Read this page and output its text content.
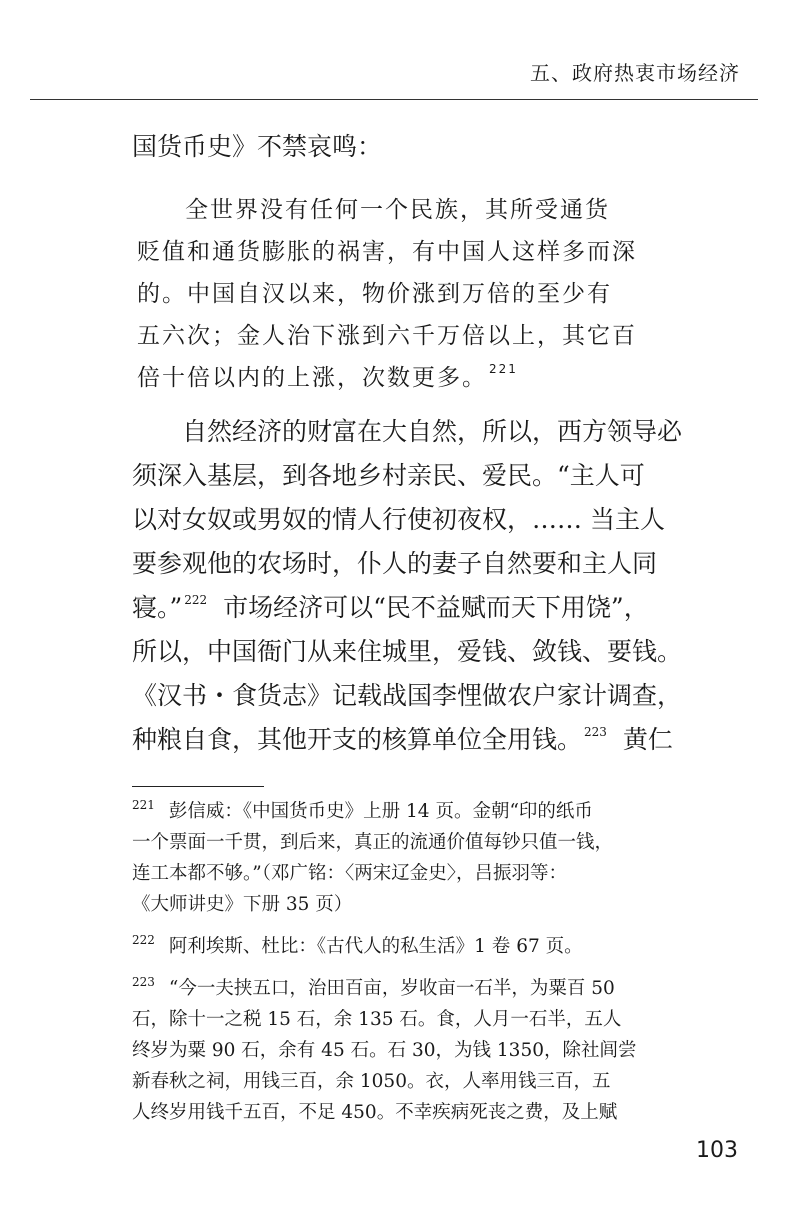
五、政府热衷市场经济
国货币史》不禁哀鸣：
全世界没有任何一个民族，其所受通货
贬值和通货膨胀的祸害，有中国人这样多而深
的。中国自汉以来，物价涨到万倍的至少有
五六次；金人治下涨到六千万倍以上，其它百
倍十倍以内的上涨，次数更多。 $^{221}$
自然经济的财富在大自然，所以，西方领导必
须深入基层，到各地乡村亲民、爱民。“主人可
以对女奴或男奴的情人行使初夜权，…… 当主人
要参观他的农场时，仆人的妻子自然要和主人同
寝。” $^{222}$ 市场经济可以“民不益赋而天下用饶”，
所以，中国衙门从来住城里，爱钱、敛钱、要钱。
《汉书・食货志》记载战国李悝做农户家计调查，
种粮自食，其他开支的核算单位全用钱。 $^{223}$ 黄仁
$^{221}$ 彭信威：《中国货币史》上册 14 页。金朝“印的纸币
一个票面一千贯，到后来，真正的流通价值每钞只值一钱，
连工本都不够。”（邓广铭：〈两宋辽金史〉，吕振羽等：
《大师讲史》下册 35 页）
$^{222}$ 阿利埃斯、杜比：《古代人的私生活》1 卷 67 页。
$^{223}$ “今一夫挟五口，治田百亩，岁收亩一石半，为粟百 50
石，除十一之税 15 石，余 135 石。食，人月一石半，五人
终岁为粟 90 石，余有 45 石。石 30，为钱 1350，除社闾尝
新春秋之祠，用钱三百，余 1050。衣，人率用钱三百，五
人终岁用钱千五百，不足 450。不幸疾病死丧之费，及上赋
103
